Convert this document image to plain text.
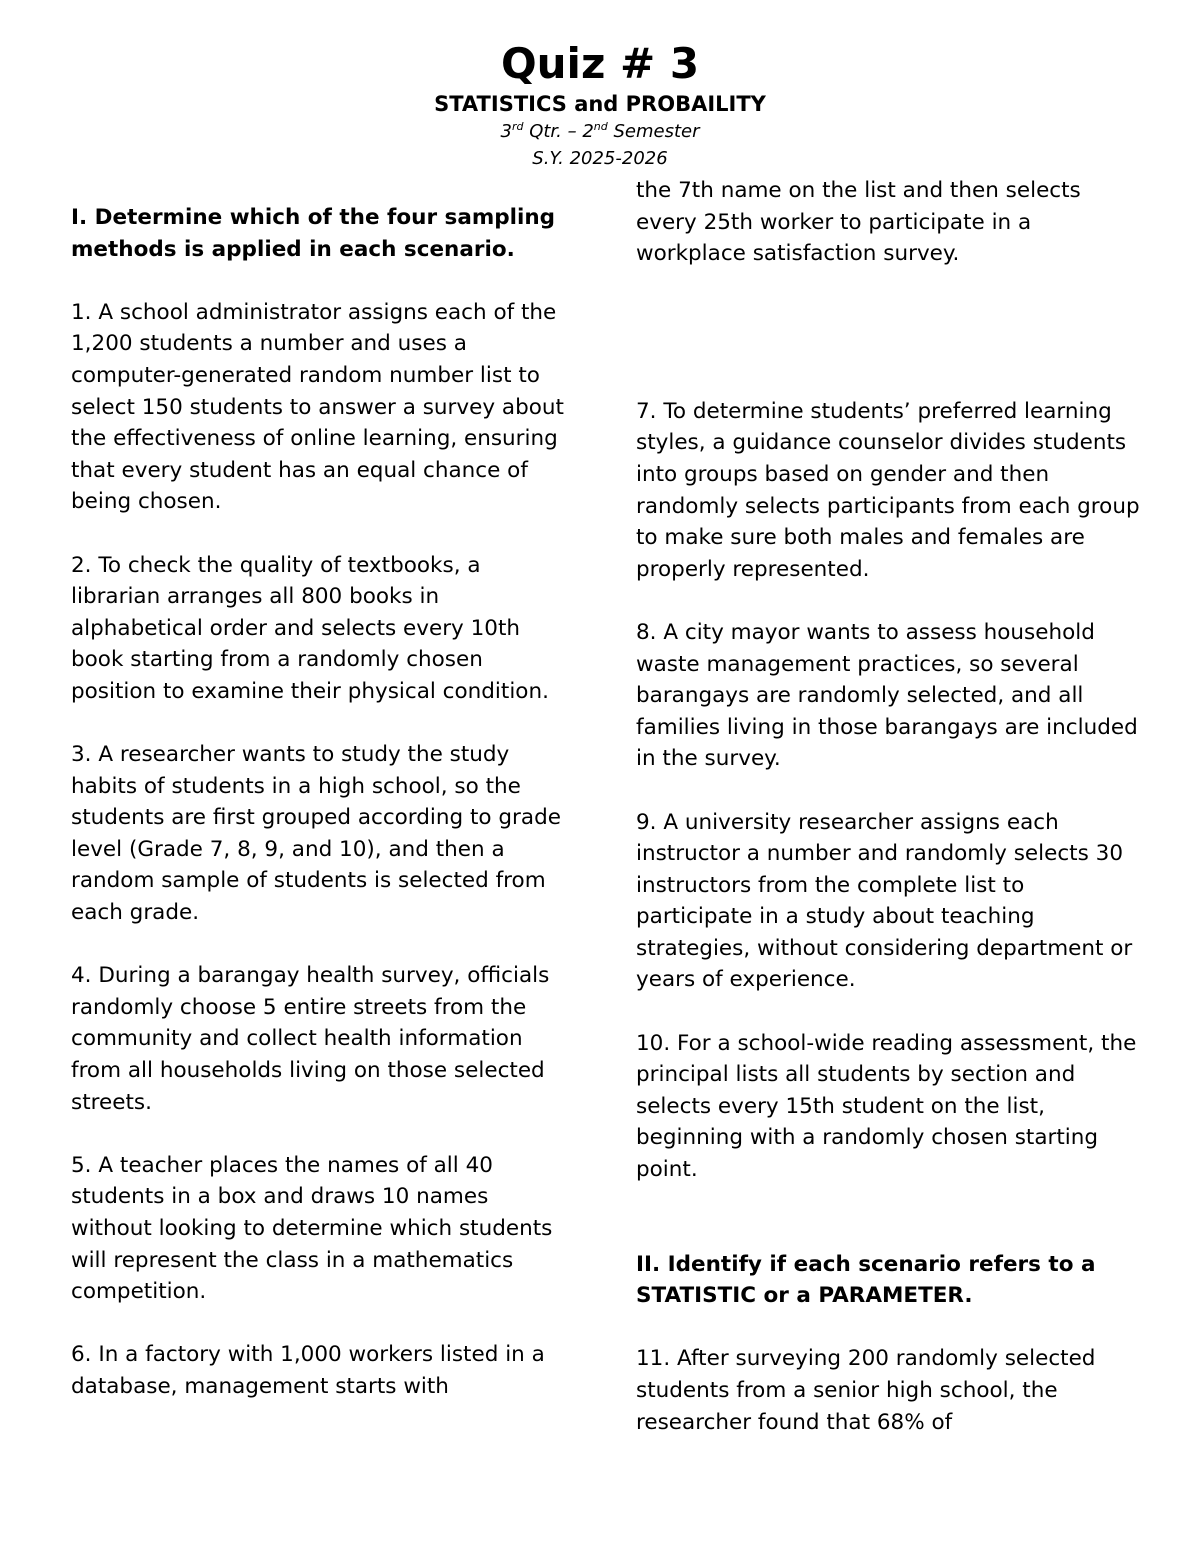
Quiz # 3

STATISTICS and PROBAILITY

3rd Qtr. – 2nd Semester

S.Y. 2025-2026

I. Determine which of the four sampling methods is applied in each scenario.

1. A school administrator assigns each of the 1,200 students a number and uses a computer-generated random number list to select 150 students to answer a survey about the effectiveness of online learning, ensuring that every student has an equal chance of being chosen.

2. To check the quality of textbooks, a librarian arranges all 800 books in alphabetical order and selects every 10th book starting from a randomly chosen position to examine their physical condition.

3. A researcher wants to study the study habits of students in a high school, so the students are first grouped according to grade level (Grade 7, 8, 9, and 10), and then a random sample of students is selected from each grade.

4. During a barangay health survey, officials randomly choose 5 entire streets from the community and collect health information from all households living on those selected streets.

5. A teacher places the names of all 40 students in a box and draws 10 names without looking to determine which students will represent the class in a mathematics competition.

6. In a factory with 1,000 workers listed in a database, management starts with

the 7th name on the list and then selects every 25th worker to participate in a workplace satisfaction survey.

7. To determine students’ preferred learning styles, a guidance counselor divides students into groups based on gender and then randomly selects participants from each group to make sure both males and females are properly represented.

8. A city mayor wants to assess household waste management practices, so several barangays are randomly selected, and all families living in those barangays are included in the survey.

9. A university researcher assigns each instructor a number and randomly selects 30 instructors from the complete list to participate in a study about teaching strategies, without considering department or years of experience.

10. For a school-wide reading assessment, the principal lists all students by section and selects every 15th student on the list, beginning with a randomly chosen starting point.

II. Identify if each scenario refers to a STATISTIC or a PARAMETER.

11. After surveying 200 randomly selected students from a senior high school, the researcher found that 68% of
